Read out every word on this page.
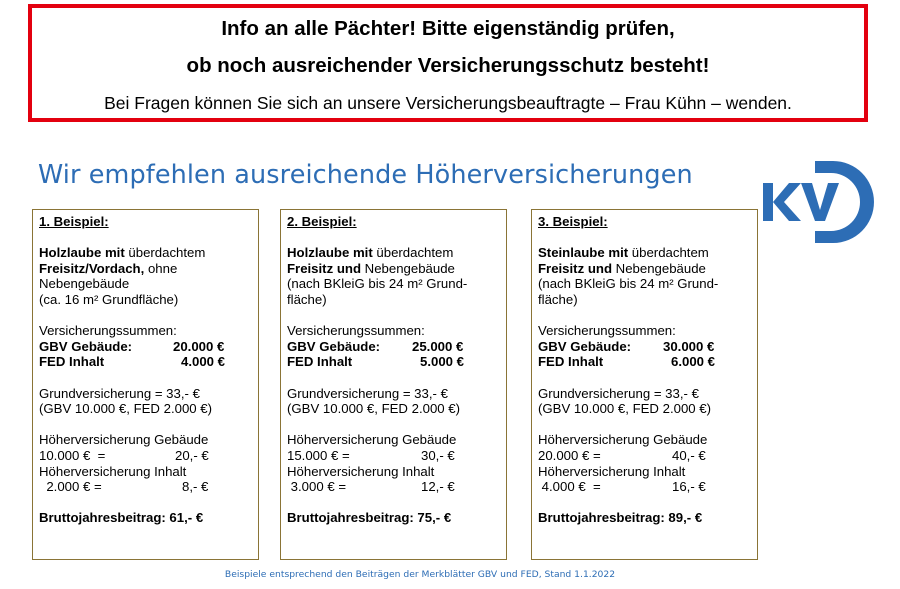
Info an alle Pächter! Bitte eigenständig prüfen,
ob noch ausreichender Versicherungsschutz besteht!
Bei Fragen können Sie sich an unsere Versicherungsbeauftragte – Frau Kühn – wenden.
Wir empfehlen ausreichende Höherversicherungen
1. Beispiel:
Holzlaube mit überdachtem
Freisitz/Vordach, ohne
Nebengebäude
(ca. 16 m² Grundfläche)
Versicherungssummen:
GBV Gebäude:	20.000 €
FED Inhalt	4.000 €
Grundversicherung = 33,- €
(GBV 10.000 €, FED 2.000 €)
Höherversicherung Gebäude
10.000 €  =	20,- €
Höherversicherung Inhalt
2.000 € =	8,- €
Bruttojahresbeitrag: 61,- €
2. Beispiel:
Holzlaube mit überdachtem
Freisitz und Nebengebäude
(nach BKleiG bis 24 m² Grund-
fläche)
Versicherungssummen:
GBV Gebäude: 25.000 €
FED Inhalt	5.000 €
Grundversicherung = 33,- €
(GBV 10.000 €, FED 2.000 €)
Höherversicherung Gebäude
15.000 € =	30,- €
Höherversicherung Inhalt
3.000 € =	12,- €
Bruttojahresbeitrag: 75,- €
3. Beispiel:
Steinlaube mit überdachtem
Freisitz und Nebengebäude
(nach BKleiG bis 24 m² Grund-
fläche)
Versicherungssummen:
GBV Gebäude: 30.000 €
FED Inhalt	6.000 €
Grundversicherung = 33,- €
(GBV 10.000 €, FED 2.000 €)
Höherversicherung Gebäude
20.000 € =	40,- €
Höherversicherung Inhalt
4.000 €  =	16,- €
Bruttojahresbeitrag: 89,- €
Beispiele entsprechend den Beiträgen der Merkblätter GBV und FED, Stand 1.1.2022
